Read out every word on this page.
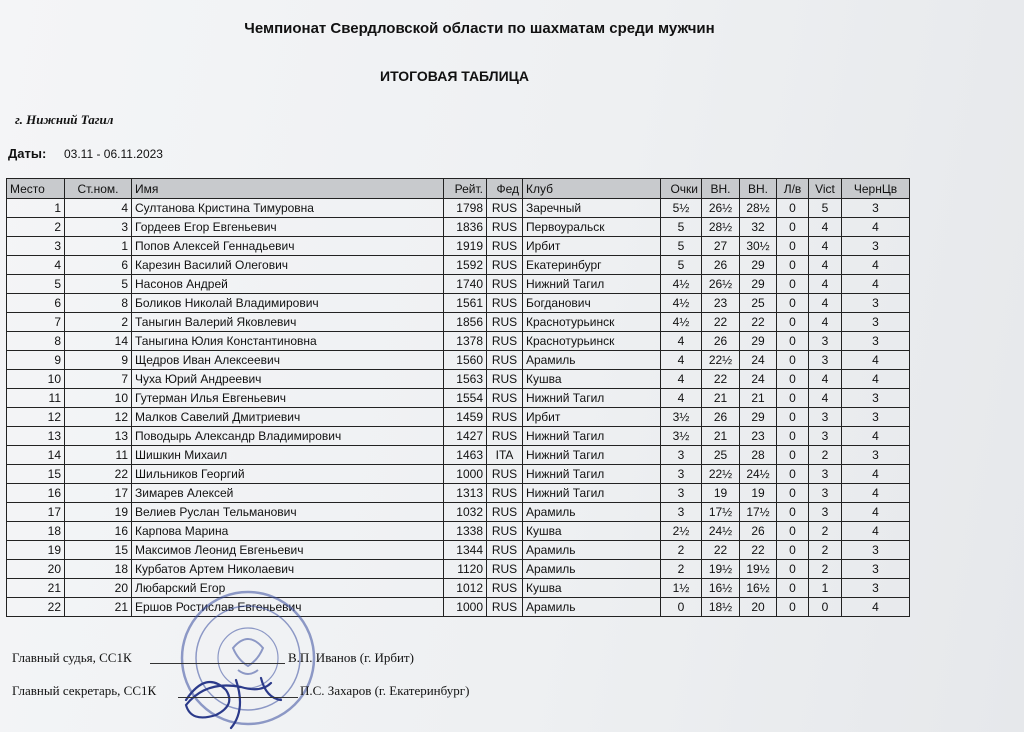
Чемпионат Свердловской области по шахматам среди мужчин
ИТОГОВАЯ ТАБЛИЦА
г. Нижний Тагил
Даты: 03.11 - 06.11.2023
Место	Ст.ном.	Имя	Рейт.	Фед	Клуб	Очки	ВН.	ВН.	Л/в	Vict	ЧернЦв
1	4	Султанова Кристина Тимуровна	1798	RUS	Заречный	5½	26½	28½	0	5	3
2	3	Гордеев Егор Евгеньевич	1836	RUS	Первоуральск	5	28½	32	0	4	4
3	1	Попов Алексей Геннадьевич	1919	RUS	Ирбит	5	27	30½	0	4	3
4	6	Карезин Василий Олегович	1592	RUS	Екатеринбург	5	26	29	0	4	4
5	5	Насонов Андрей	1740	RUS	Нижний Тагил	4½	26½	29	0	4	4
6	8	Боликов Николай Владимирович	1561	RUS	Богданович	4½	23	25	0	4	3
7	2	Таныгин Валерий Яковлевич	1856	RUS	Краснотурьинск	4½	22	22	0	4	3
8	14	Таныгина Юлия Константиновна	1378	RUS	Краснотурьинск	4	26	29	0	3	3
9	9	Щедров Иван Алексеевич	1560	RUS	Арамиль	4	22½	24	0	3	4
10	7	Чуха Юрий Андреевич	1563	RUS	Кушва	4	22	24	0	4	4
11	10	Гутерман Илья Евгеньевич	1554	RUS	Нижний Тагил	4	21	21	0	4	3
12	12	Малков Савелий Дмитриевич	1459	RUS	Ирбит	3½	26	29	0	3	3
13	13	Поводырь Александр Владимирович	1427	RUS	Нижний Тагил	3½	21	23	0	3	4
14	11	Шишкин Михаил	1463	ITA	Нижний Тагил	3	25	28	0	2	3
15	22	Шильников Георгий	1000	RUS	Нижний Тагил	3	22½	24½	0	3	4
16	17	Зимарев Алексей	1313	RUS	Нижний Тагил	3	19	19	0	3	4
17	19	Велиев Руслан Тельманович	1032	RUS	Арамиль	3	17½	17½	0	3	4
18	16	Карпова Марина	1338	RUS	Кушва	2½	24½	26	0	2	4
19	15	Максимов Леонид Евгеньевич	1344	RUS	Арамиль	2	22	22	0	2	3
20	18	Курбатов Артем Николаевич	1120	RUS	Арамиль	2	19½	19½	0	2	3
21	20	Любарский Егор	1012	RUS	Кушва	1½	16½	16½	0	1	3
22	21	Ершов Ростислав Евгеньевич	1000	RUS	Арамиль	0	18½	20	0	0	4
Главный судья, СС1К	В.П. Иванов (г. Ирбит)
Главный секретарь, СС1К	П.С. Захаров (г. Екатеринбург)
